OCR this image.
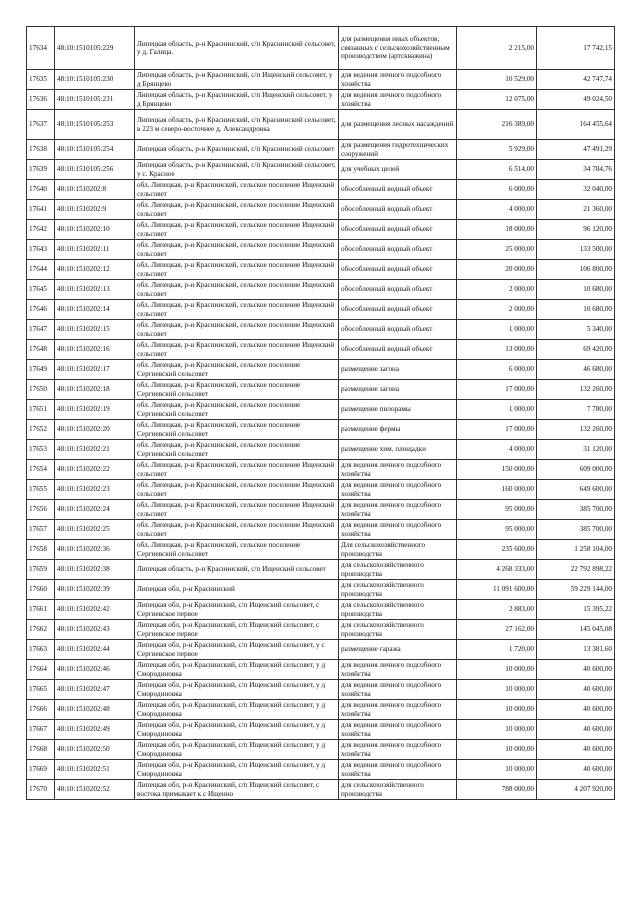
17634	48:10:1510105:229	Липецкая область, р-н Краснинский, с/п Краснинский сельсовет, у д. Галица.	для размещения иных объектов, связанных с сельскохозяйственным производством (артскважина)	2 215,00	17 742,15
17635	48:10:1510105:230	Липецкая область, р-н Краснинский, с/п Ищенский сельсовет, у д Брянцево	для ведения личного подсобного хозяйства	10 529,00	42 747,74
17636	48:10:1510105:231	Липецкая область, р-н Краснинский, с/п Ищенский сельсовет, у д Брянцево	для ведения личного подсобного хозяйства	12 075,00	49 024,50
17637	48:10:1510105:253	Липецкая область, р-н Краснинский, с/п Краснинский сельсовет, в 223 м северо-восточнее д. Александровка	для размещения лесных насаждений	216 389,00	164 455,64
17638	48:10:1510105:254	Липецкая область, р-н Краснинский, с/п Краснинский сельсовет	для размещения гидротехнических сооружений	5 929,00	47 491,29
17639	48:10:1510105:256	Липецкая область, р-н Краснинский, с/п Краснинский сельсовет, у с. Красное	для учебных целей	6 514,00	34 784,76
17640	48:10:1510202:8	обл. Липецкая, р-н Краснинский, сельское поселение Ищенский сельсовет	обособленный водный объект	6 000,00	32 040,00
17641	48:10:1510202:9	обл. Липецкая, р-н Краснинский, сельское поселение Ищенский сельсовет	обособленный водный объект	4 000,00	21 360,00
17642	48:10:1510202:10	обл. Липецкая, р-н Краснинский, сельское поселение Ищенский сельсовет	обособленный водный объект	18 000,00	96 120,00
17643	48:10:1510202:11	обл. Липецкая, р-н Краснинский, сельское поселение Ищенский сельсовет	обособленный водный объект	25 000,00	133 500,00
17644	48:10:1510202:12	обл. Липецкая, р-н Краснинский, сельское поселение Ищенский сельсовет	обособленный водный объект	20 000,00	106 800,00
17645	48:10:1510202:13	обл. Липецкая, р-н Краснинский, сельское поселение Ищенский сельсовет	обособленный водный объект	2 000,00	10 680,00
17646	48:10:1510202:14	обл. Липецкая, р-н Краснинский, сельское поселение Ищенский сельсовет	обособленный водный объект	2 000,00	10 680,00
17647	48:10:1510202:15	обл. Липецкая, р-н Краснинский, сельское поселение Ищенский сельсовет	обособленный водный объект	1 000,00	5 340,00
17648	48:10:1510202:16	обл. Липецкая, р-н Краснинский, сельское поселение Ищенский сельсовет	обособленный водный объект	13 000,00	69 420,00
17649	48:10:1510202:17	обл. Липецкая, р-н Краснинский, сельское поселение Сергиевский сельсовет	размещение загона	6 000,00	46 680,00
17650	48:10:1510202:18	обл. Липецкая, р-н Краснинский, сельское поселение Сергиевский сельсовет	размещение загона	17 000,00	132 260,00
17651	48:10:1510202:19	обл. Липецкая, р-н Краснинский, сельское поселение Сергиевский сельсовет	размещение пилорамы	1 000,00	7 780,00
17652	48:10:1510202:20	обл. Липецкая, р-н Краснинский, сельское поселение Сергиевский сельсовет	размещение фермы	17 000,00	132 260,00
17653	48:10:1510202:21	обл. Липецкая, р-н Краснинский, сельское поселение Сергиевский сельсовет	размещение хим. площадки	4 000,00	31 120,00
17654	48:10:1510202:22	обл. Липецкая, р-н Краснинский, сельское поселение Ищенский сельсовет	для ведения личного подсобного хозяйства	150 000,00	609 000,00
17655	48:10:1510202:23	обл. Липецкая, р-н Краснинский, сельское поселение Ищенский сельсовет	для ведения личного подсобного хозяйства	160 000,00	649 600,00
17656	48:10:1510202:24	обл. Липецкая, р-н Краснинский, сельское поселение Ищенский сельсовет	для ведения личного подсобного хозяйства	95 000,00	385 700,00
17657	48:10:1510202:25	обл. Липецкая, р-н Краснинский, сельское поселение Ищенский сельсовет	для ведения личного подсобного хозяйства	95 000,00	385 700,00
17658	48:10:1510202:36	обл. Липецкая, р-н Краснинский, сельское поселение Сергиевский сельсовет	Для сельскохозяйственного производства	235 600,00	1 258 104,00
17659	48:10:1510202:38	Липецкая область, р-н Краснинский, с/п Ищенский сельсовет	для сельскохозяйственного производства	4 268 333,00	22 792 898,22
17660	48:10:1510202:39	Липецкая обл, р-н Краснинский	для сельскохозяйственного производства	11 091 600,00	59 229 144,00
17661	48:10:1510202:42	Липецкая обл, р-н Краснинский, с/п Ищенский сельсовет, с Сергиевское первое	для сельскохозяйственного производства	2 883,00	15 395,22
17662	48:10:1510202:43	Липецкая обл, р-н Краснинский, с/п Ищенский сельсовет, с Сергиевское первое	для сельскохозяйственного производства	27 162,00	145 045,08
17663	48:10:1510202:44	Липецкая обл, р-н Краснинский, с/п Ищенский сельсовет, у с Сергиевское первое	размещение гаража	1 720,00	13 381,60
17664	48:10:1510202:46	Липецкая обл, р-н Краснинский, с/п Ищенский сельсовет, у д Смородиновка	для ведения личного подсобного хозяйства	10 000,00	40 600,00
17665	48:10:1510202:47	Липецкая обл, р-н Краснинский, с/п Ищенский сельсовет, у д Смородиновка	для ведения личного подсобного хозяйства	10 000,00	40 600,00
17666	48:10:1510202:48	Липецкая обл, р-н Краснинский, с/п Ищенский сельсовет, у д Смородиновка	для ведения личного подсобного хозяйства	10 000,00	40 600,00
17667	48:10:1510202:49	Липецкая обл, р-н Краснинский, с/п Ищенский сельсовет, у д Смородиновка	для ведения личного подсобного хозяйства	10 000,00	40 600,00
17668	48:10:1510202:50	Липецкая обл, р-н Краснинский, с/п Ищенский сельсовет, у д Смородиновка	для ведения личного подсобного хозяйства	10 000,00	40 600,00
17669	48:10:1510202:51	Липецкая обл, р-н Краснинский, с/п Ищенский сельсовет, у д Смородиновка	для ведения личного подсобного хозяйства	10 000,00	40 600,00
17670	48:10:1510202:52	Липецкая обл, р-н Краснинский, с/п Ищенский сельсовет, с востока примыкает к с Ищенно	для сельскохозяйственного производства	788 000,00	4 207 920,00
